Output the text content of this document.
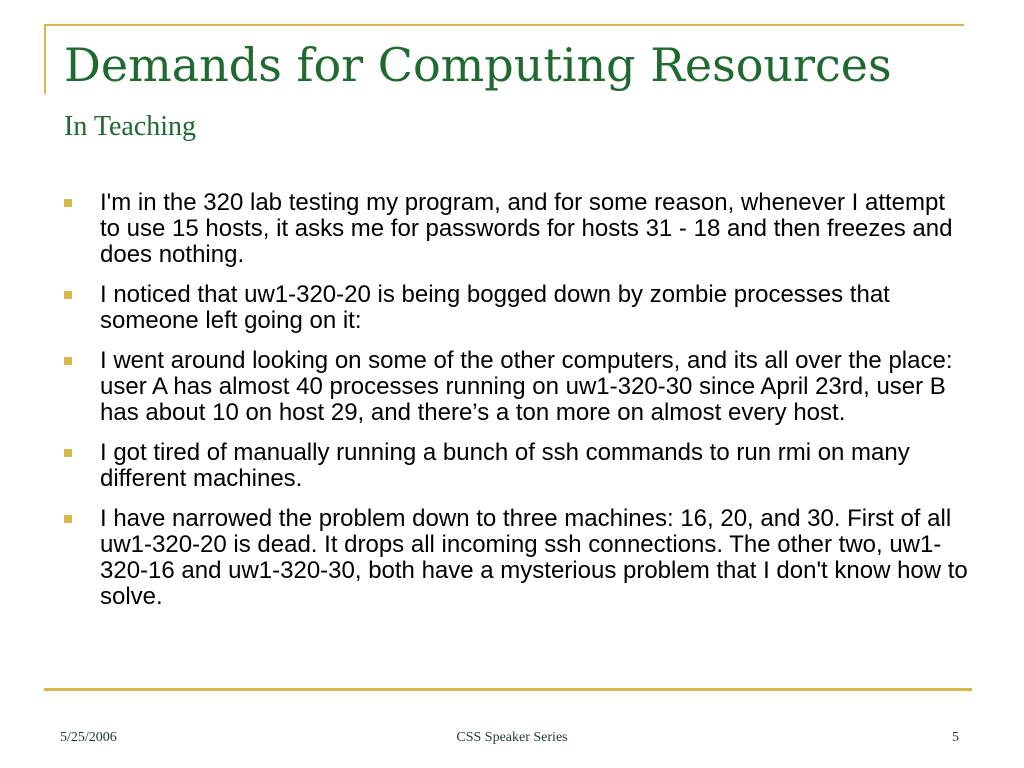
Demands for Computing Resources
In Teaching
I'm in the 320 lab testing my program, and for some reason, whenever I attempt to use 15 hosts, it asks me for passwords for hosts 31 - 18 and then freezes and does nothing.
I noticed that uw1-320-20 is being bogged down by zombie processes that someone left going on it:
I went around looking on some of the other computers, and its all over the place: user A has almost 40 processes running on uw1-320-30 since April 23rd, user B has about 10 on host 29, and there’s a ton more on almost every host.
I got tired of manually running a bunch of ssh commands to run rmi on many different machines.
I have narrowed the problem down to three machines: 16, 20, and 30. First of all uw1-320-20 is dead. It drops all incoming ssh connections. The other two, uw1-320-16 and uw1-320-30, both have a mysterious problem that I don't know how to solve.
5/25/2006	CSS Speaker Series	5
